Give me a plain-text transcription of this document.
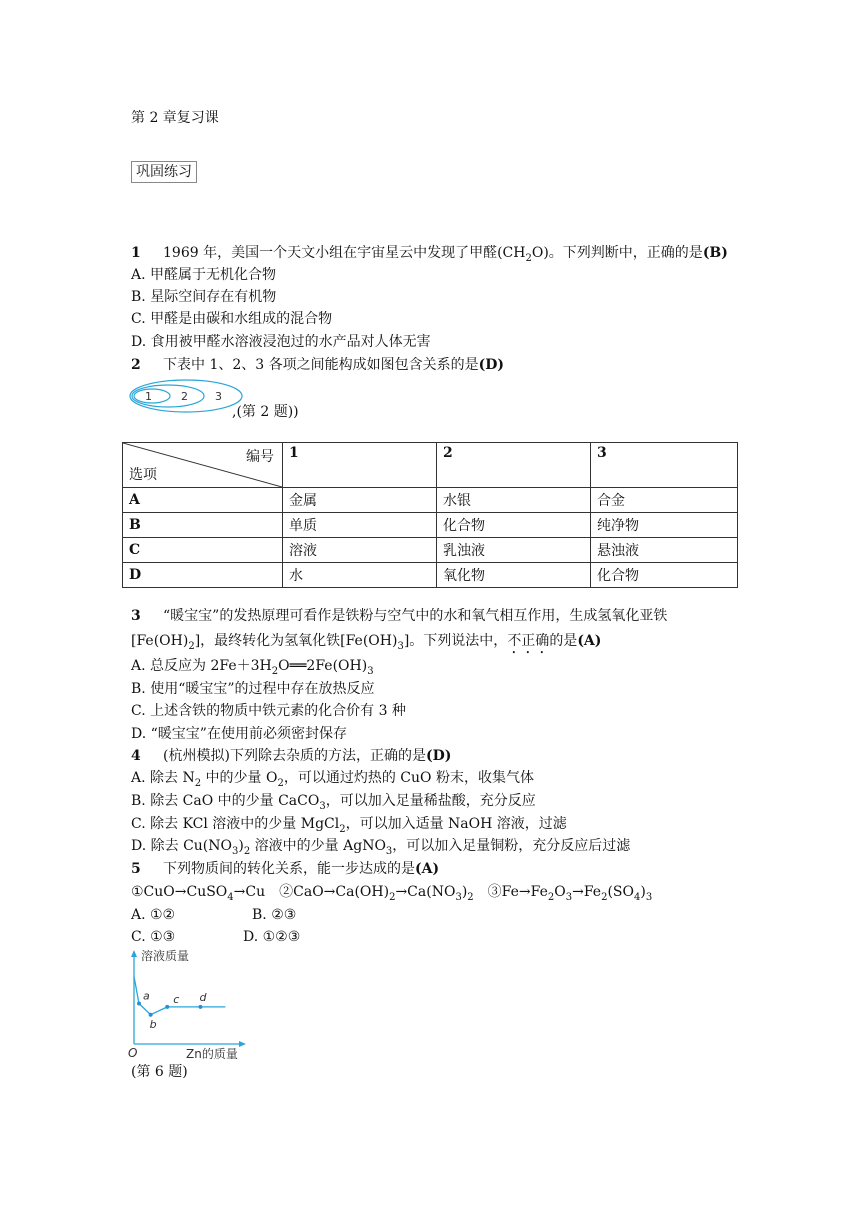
第 2 章复习课
巩固练习
1 1969 年，美国一个天文小组在宇宙星云中发现了甲醛$(CH_2O)$。下列判断中，正确的是(B)
A. 甲醛属于无机化合物
B. 星际空间存在有机物
C. 甲醛是由碳和水组成的混合物
D. 食用被甲醛水溶液浸泡过的水产品对人体无害
2 下表中 1、2、3 各项之间能构成如图包含关系的是(D)
1	2 3
,(第 2 题))
编号
选项	1	2	3
A	金属	水银	合金
B	单质	化合物	纯净物
C	溶液	乳浊液	悬浊液
D	水	氧化物	化合物
3 “暖宝宝”的发热原理可看作是铁粉与空气中的水和氧气相互作用，生成氢氧化亚铁
$[Fe(OH)_2]$，最终转化为氢氧化铁$[Fe(OH)_3]$。下列说法中，不正确的是(A)
A. 总反应为 $2Fe+3H_2O══2Fe(OH)_3$
B. 使用“暖宝宝”的过程中存在放热反应
C. 上述含铁的物质中铁元素的化合价有 3 种
D. “暖宝宝”在使用前必须密封保存
4 (杭州模拟)下列除去杂质的方法，正确的是(D)
A. 除去 $N_2$ 中的少量 $O_2$，可以通过灼热的 CuO 粉末，收集气体
B. 除去 CaO 中的少量 CaCO$_3$，可以加入足量稀盐酸，充分反应
C. 除去 KCl 溶液中的少量 MgCl$_2$，可以加入适量 NaOH 溶液，过滤
D. 除去 $Cu(NO_3)_2$ 溶液中的少量 AgNO$_3$，可以加入足量铜粉，充分反应后过滤
5 下列物质间的转化关系，能一步达成的是(A)
①CuO→CuSO$_4$→Cu　$②CaO\to Ca(OH)_2\to Ca(NO_3)_2$　$③Fe\to Fe_2O_3\to Fe_2(SO_4)_3$
A. ①②	B. ②③
C. ①③	D. ①②③
溶液质量
Zn的质量
O
a
b
c d
(第 6 题)
